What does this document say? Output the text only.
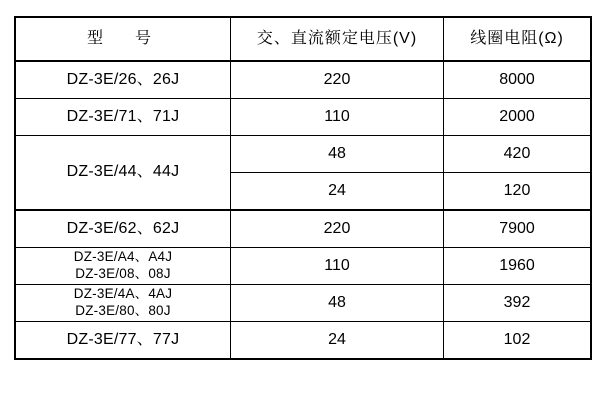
型　号	交、直流额定电压(V)	线圈电阻(Ω)
DZ-3E/26、26J	220	8000
DZ-3E/71、71J	110	2000
DZ-3E/44、44J	48	420
	24	120
DZ-3E/62、62J	220	7900

DZ-3E/A4、A4J
DZ-3E/08、08J	110	1960

DZ-3E/4A、4AJ
DZ-3E/80、80J	48	392
DZ-3E/77、77J	24	102
